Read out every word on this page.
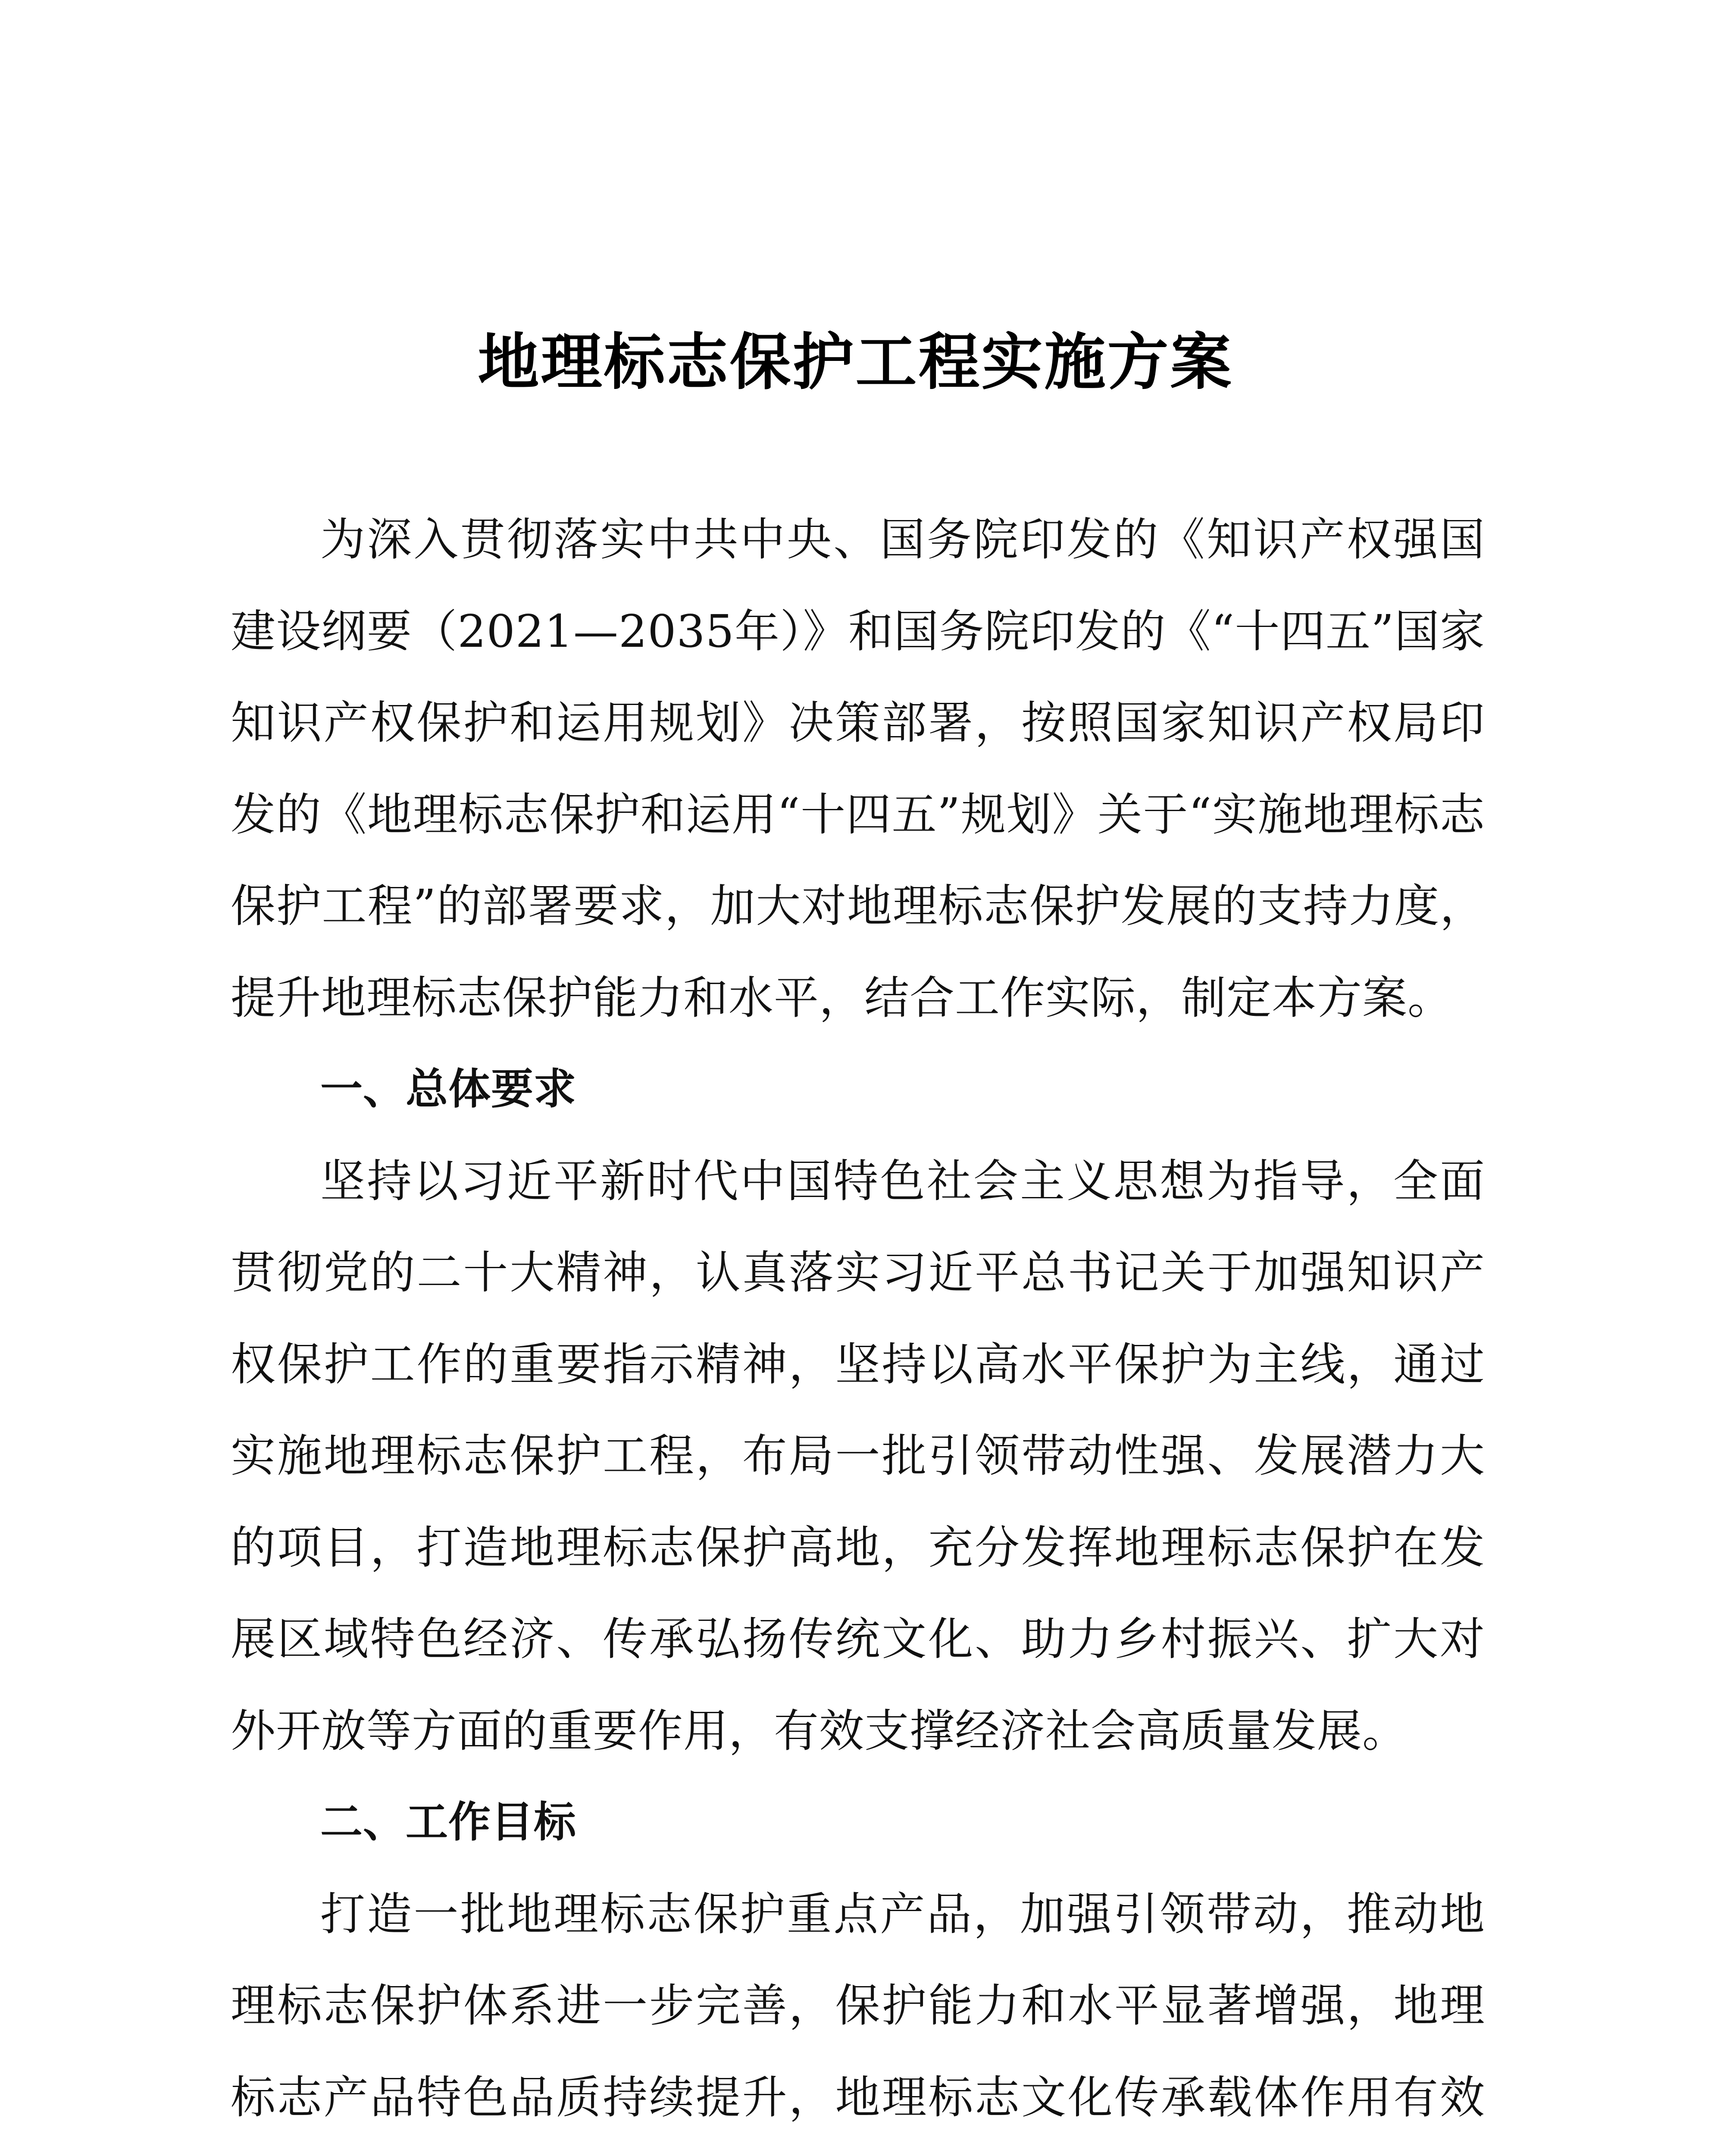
地理标志保护工程实施方案

为深入贯彻落实中共中央、国务院印发的《知识产权强国建设纲要（2021—2035年）》和国务院印发的《“十四五”国家知识产权保护和运用规划》决策部署，按照国家知识产权局印发的《地理标志保护和运用“十四五”规划》关于“实施地理标志保护工程”的部署要求，加大对地理标志保护发展的支持力度，提升地理标志保护能力和水平，结合工作实际，制定本方案。

一、总体要求

坚持以习近平新时代中国特色社会主义思想为指导，全面贯彻党的二十大精神，认真落实习近平总书记关于加强知识产权保护工作的重要指示精神，坚持以高水平保护为主线，通过实施地理标志保护工程，布局一批引领带动性强、发展潜力大的项目，打造地理标志保护高地，充分发挥地理标志保护在发展区域特色经济、传承弘扬传统文化、助力乡村振兴、扩大对外开放等方面的重要作用，有效支撑经济社会高质量发展。

二、工作目标

打造一批地理标志保护重点产品，加强引领带动，推动地理标志保护体系进一步完善，保护能力和水平显著增强，地理标志产品特色品质持续提升，地理标志文化传承载体作用有效
